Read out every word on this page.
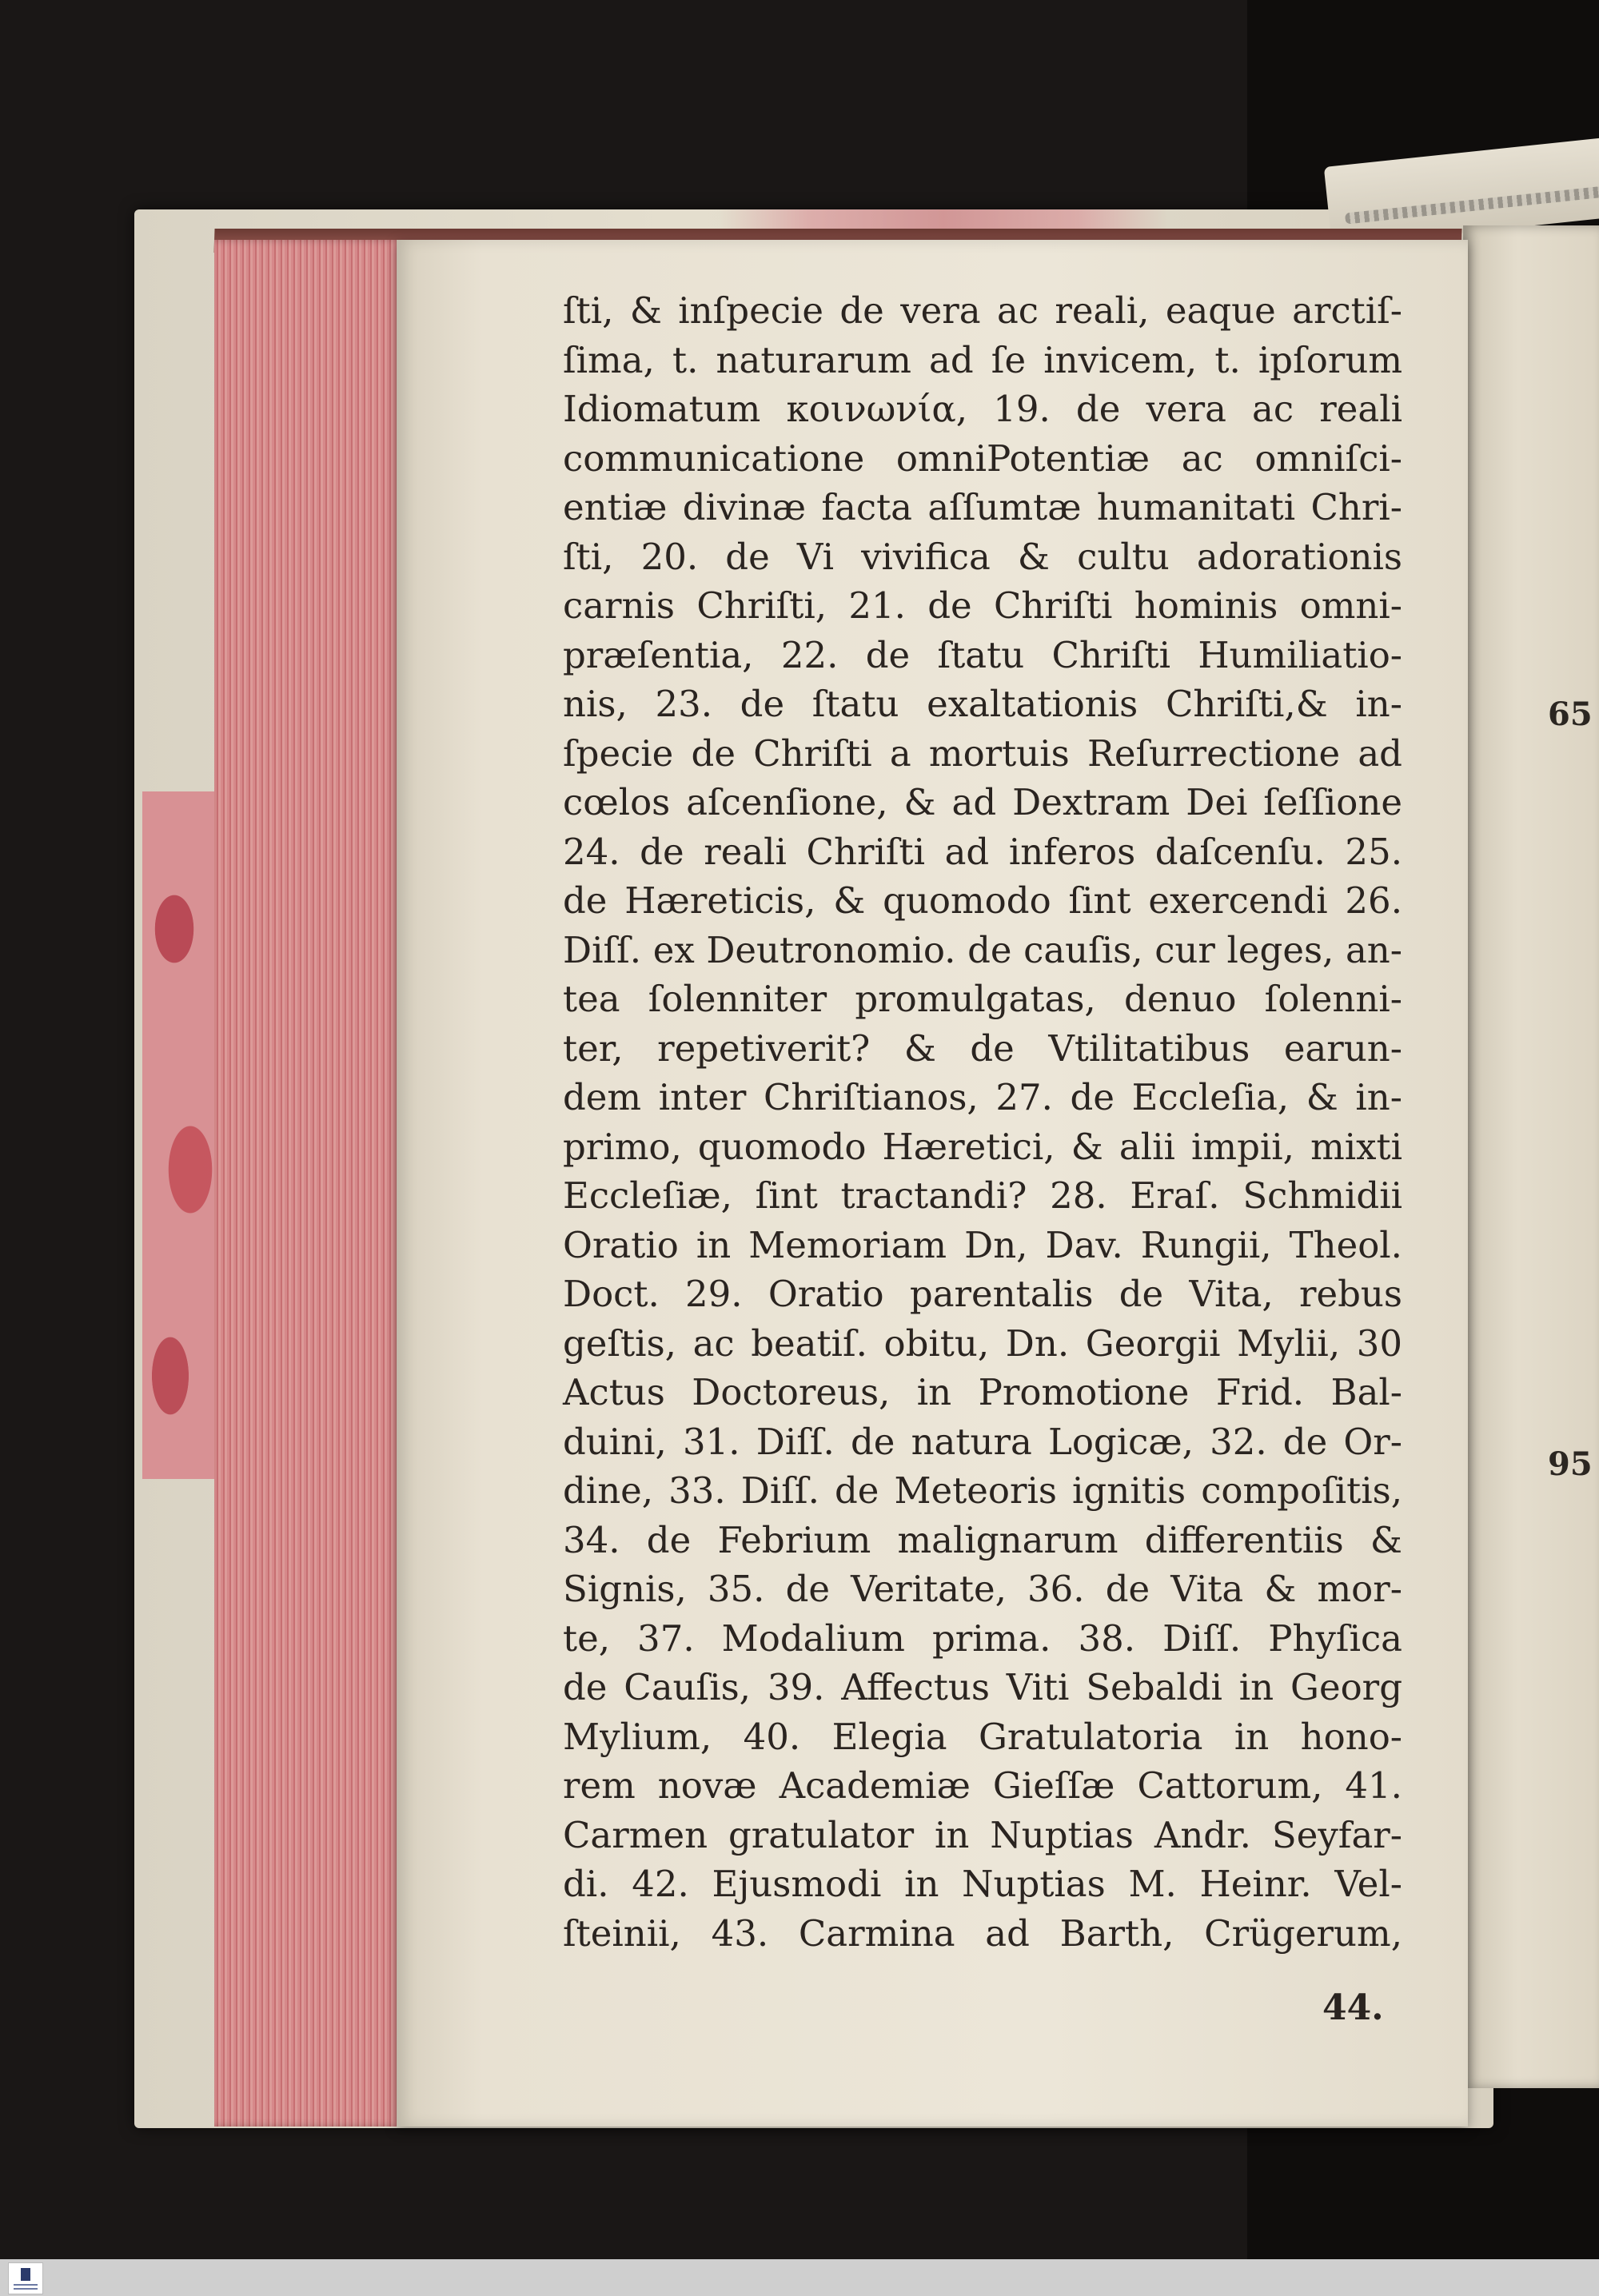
65
95
ſti, & inſpecie de vera ac reali, eaque arctiſ-
ſima, t. naturarum ad ſe invicem, t. ipſorum
Idiomatum κοινωνία, 19. de vera ac reali
communicatione omniPotentiæ ac omniſci-
entiæ divinæ facta aſſumtæ humanitati Chri-
ſti, 20. de Vi vivifica & cultu adorationis
carnis Chriſti, 21. de Chriſti hominis omni-
præſentia, 22. de ſtatu Chriſti Humiliatio-
nis, 23. de ſtatu exaltationis Chriſti,& in-
ſpecie de Chriſti a mortuis Reſurrectione ad
cœlos aſcenſione, & ad Dextram Dei ſeſſione
24. de reali Chriſti ad inferos daſcenſu. 25.
de Hæreticis, & quomodo ſint exercendi 26.
Diſſ. ex Deutronomio. de cauſis, cur leges, an-
tea ſolenniter promulgatas, denuo ſolenni-
ter, repetiverit? & de Vtilitatibus earun-
dem inter Chriſtianos, 27. de Eccleſia, & in-
primo, quomodo Hæretici, & alii impii, mixti
Eccleſiæ, ſint tractandi? 28. Eraſ. Schmidii
Oratio in Memoriam Dn, Dav. Rungii, Theol.
Doct. 29. Oratio parentalis de Vita, rebus
geſtis, ac beatiſ. obitu, Dn. Georgii Mylii, 30
Actus Doctoreus, in Promotione Frid. Bal-
duini, 31. Diſſ. de natura Logicæ, 32. de Or-
dine, 33. Diſſ. de Meteoris ignitis compoſitis,
34. de Febrium malignarum differentiis &
Signis, 35. de Veritate, 36. de Vita & mor-
te, 37. Modalium prima. 38. Diſſ. Phyſica
de Cauſis, 39. Affectus Viti Sebaldi in Georg
Mylium, 40. Elegia Gratulatoria in hono-
rem novæ Academiæ Gieſſæ Cattorum, 41.
Carmen gratulator in Nuptias Andr. Seyfar-
di. 42. Ejusmodi in Nuptias M. Heinr. Vel-
ſteinii, 43. Carmina ad Barth, Crügerum,
44.
